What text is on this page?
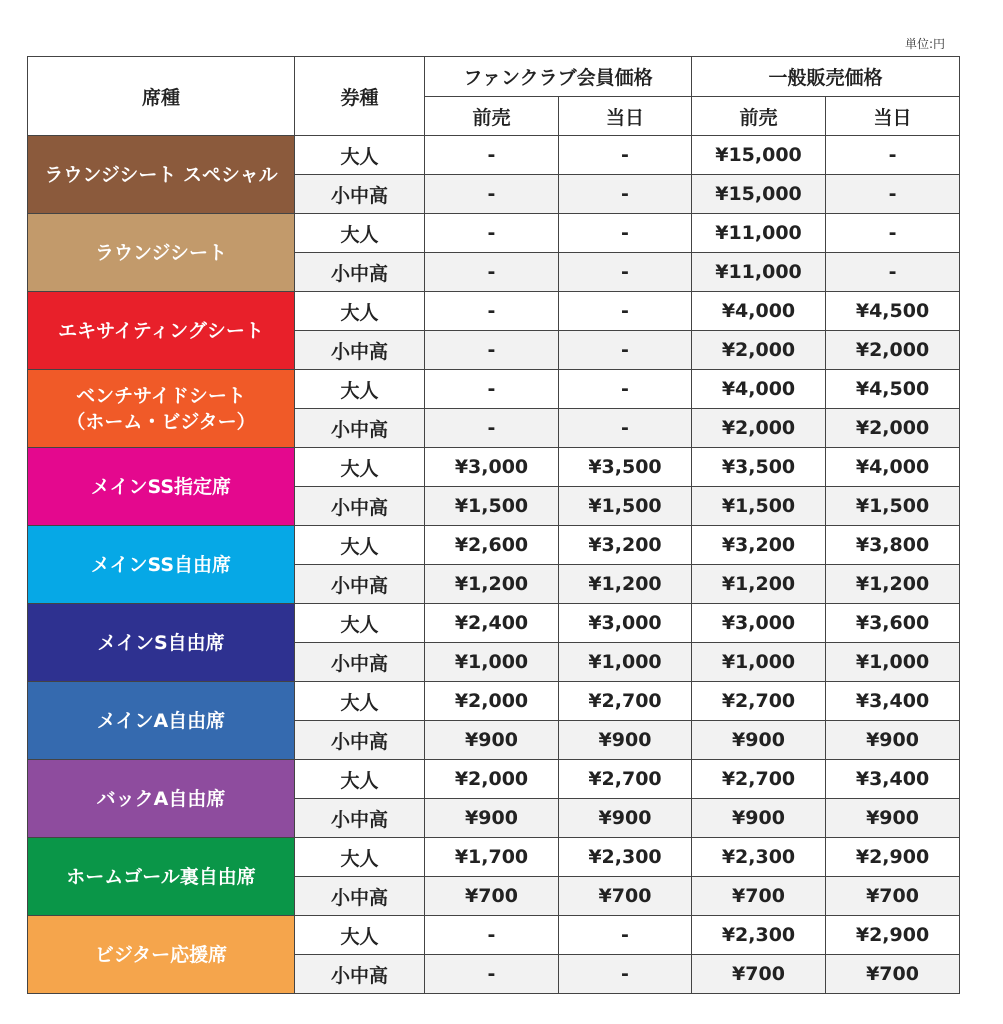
単位:円
席種	券種	ファンクラブ会員価格		一般販売価格	
		前売	当日	前売	当日

ラウンジシート スペシャル	大人	-	-	¥15,000	-
	小中高	-	-	¥15,000	-

ラウンジシート	大人	-	-	¥11,000	-
	小中高	-	-	¥11,000	-

エキサイティングシート	大人	-	-	¥4,000	¥4,500
	小中高	-	-	¥2,000	¥2,000

ベンチサイドシート
（ホーム・ビジター）	大人	-	-	¥4,000	¥4,500
	小中高	-	-	¥2,000	¥2,000

メインSS指定席	大人	¥3,000	¥3,500	¥3,500	¥4,000
	小中高	¥1,500	¥1,500	¥1,500	¥1,500

メインSS自由席	大人	¥2,600	¥3,200	¥3,200	¥3,800
	小中高	¥1,200	¥1,200	¥1,200	¥1,200

メインS自由席	大人	¥2,400	¥3,000	¥3,000	¥3,600
	小中高	¥1,000	¥1,000	¥1,000	¥1,000

メインA自由席	大人	¥2,000	¥2,700	¥2,700	¥3,400
	小中高	¥900	¥900	¥900	¥900

バックA自由席	大人	¥2,000	¥2,700	¥2,700	¥3,400
	小中高	¥900	¥900	¥900	¥900

ホームゴール裏自由席	大人	¥1,700	¥2,300	¥2,300	¥2,900
	小中高	¥700	¥700	¥700	¥700

ビジター応援席	大人	-	-	¥2,300	¥2,900
	小中高	-	-	¥700	¥700
